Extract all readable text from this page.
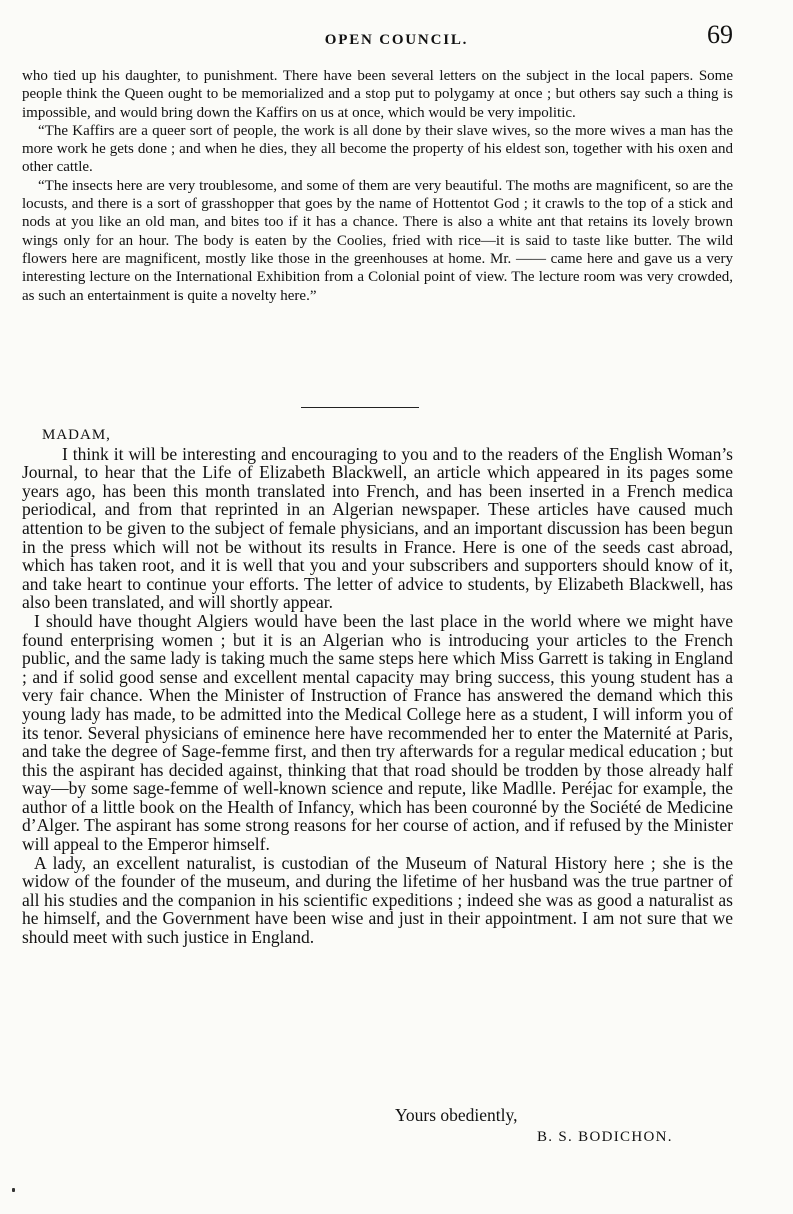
OPEN COUNCIL.	69

who tied up his daughter, to punishment. There have been several letters on the subject in the local papers. Some people think the Queen ought to be memorialized and a stop put to polygamy at once ; but others say such a thing is impossible, and would bring down the Kaffirs on us at once, which would be very impolitic.

“The Kaffirs are a queer sort of people, the work is all done by their slave wives, so the more wives a man has the more work he gets done ; and when he dies, they all become the property of his eldest son, together with his oxen and other cattle.

“The insects here are very troublesome, and some of them are very beautiful. The moths are magnificent, so are the locusts, and there is a sort of grasshopper that goes by the name of Hottentot God ; it crawls to the top of a stick and nods at you like an old man, and bites too if it has a chance. There is also a white ant that retains its lovely brown wings only for an hour. The body is eaten by the Coolies, fried with rice—it is said to taste like butter. The wild flowers here are magnificent, mostly like those in the greenhouses at home. Mr. —— came here and gave us a very interesting lecture on the International Exhibition from a Colonial point of view. The lecture room was very crowded, as such an entertainment is quite a novelty here.”

MADAM,

I think it will be interesting and encouraging to you and to the readers of the English Woman’s Journal, to hear that the Life of Elizabeth Blackwell, an article which appeared in its pages some years ago, has been this month translated into French, and has been inserted in a French medica periodical, and from that reprinted in an Algerian newspaper. These articles have caused much attention to be given to the subject of female physicians, and an important discussion has been begun in the press which will not be without its results in France. Here is one of the seeds cast abroad, which has taken root, and it is well that you and your subscribers and supporters should know of it, and take heart to continue your efforts. The letter of advice to students, by Elizabeth Blackwell, has also been translated, and will shortly appear.

I should have thought Algiers would have been the last place in the world where we might have found enterprising women ; but it is an Algerian who is introducing your articles to the French public, and the same lady is taking much the same steps here which Miss Garrett is taking in England ; and if solid good sense and excellent mental capacity may bring success, this young student has a very fair chance. When the Minister of Instruction of France has answered the demand which this young lady has made, to be admitted into the Medical College here as a student, I will inform you of its tenor. Several physicians of eminence here have recommended her to enter the Maternité at Paris, and take the degree of Sage-femme first, and then try afterwards for a regular medical education ; but this the aspirant has decided against, thinking that that road should be trodden by those already half way—by some sage-femme of well-known science and repute, like Madlle. Peréjac for example, the author of a little book on the Health of Infancy, which has been couronné by the Société de Medicine d’Alger. The aspirant has some strong reasons for her course of action, and if refused by the Minister will appeal to the Emperor himself.

A lady, an excellent naturalist, is custodian of the Museum of Natural History here ; she is the widow of the founder of the museum, and during the lifetime of her husband was the true partner of all his studies and the companion in his scientific expeditions ; indeed she was as good a naturalist as he himself, and the Government have been wise and just in their appointment. I am not sure that we should meet with such justice in England.

Yours obediently,
B. S. BODICHON.
